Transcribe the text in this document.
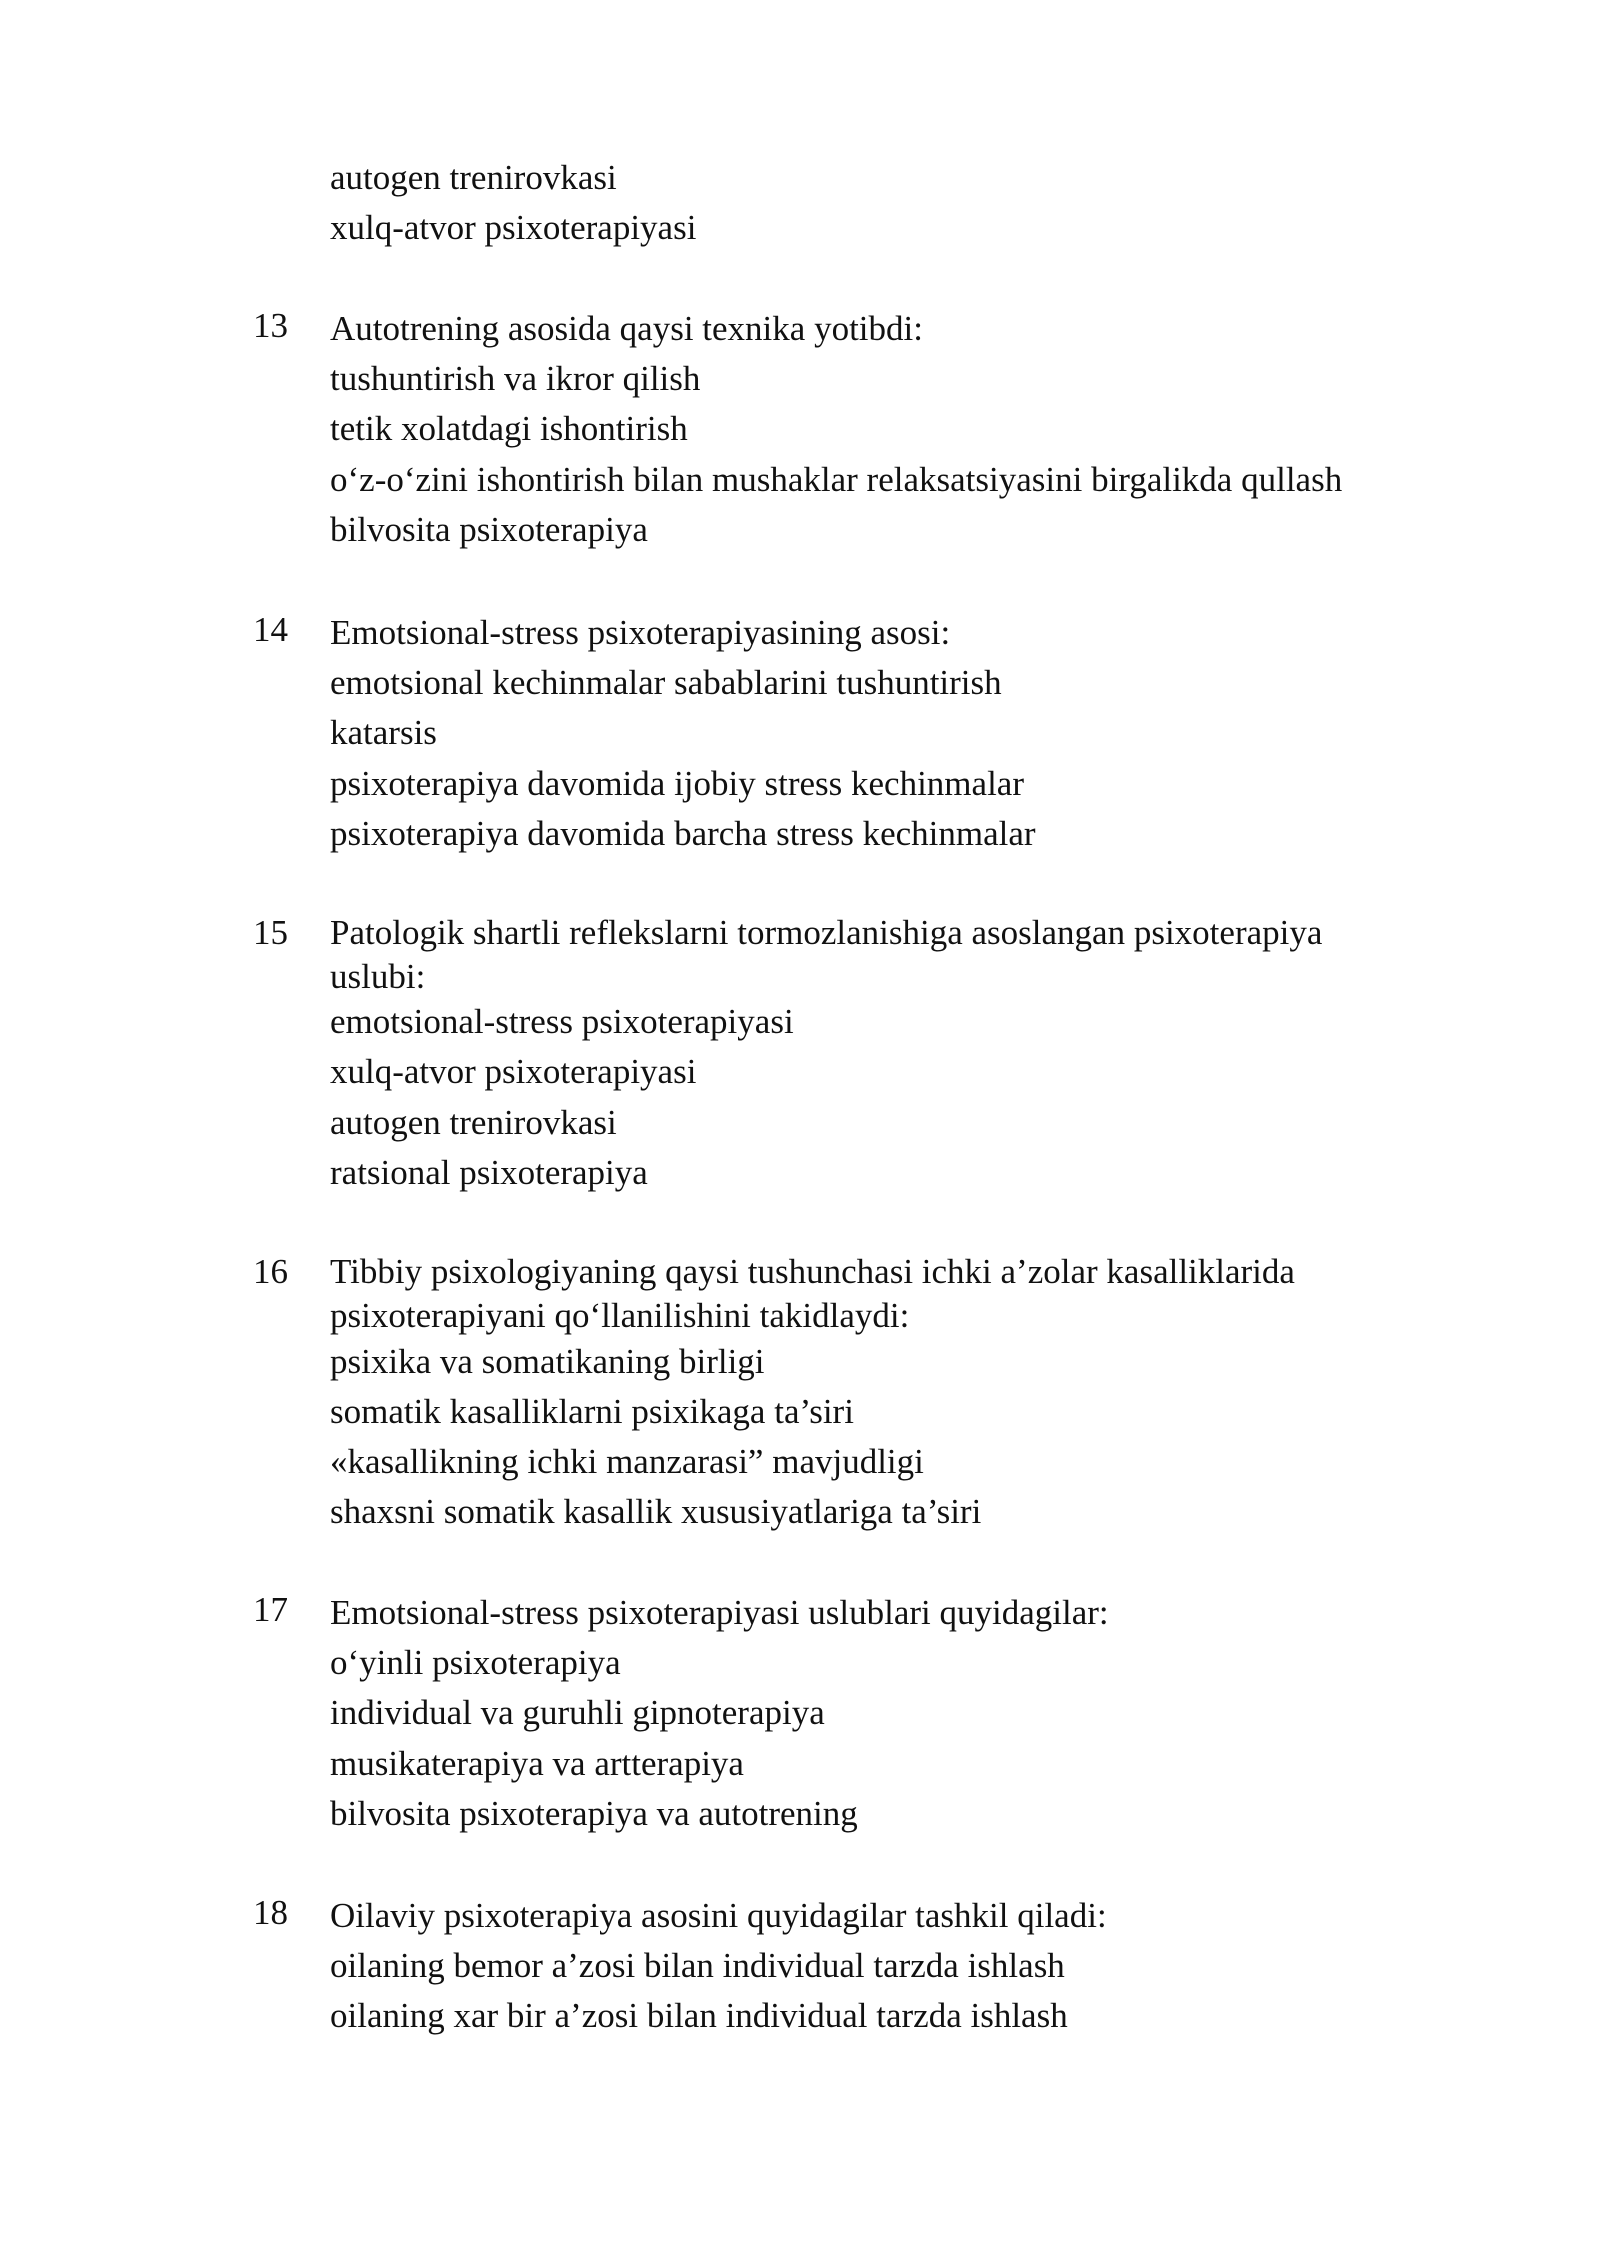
autogen trenirovkasi
xulq-atvor psixoterapiyasi
13 Autotrening asosida qaysi texnika yotibdi:
tushuntirish va ikror qilish
tetik xolatdagi ishontirish
o‘z-o‘zini ishontirish bilan mushaklar relaksatsiyasini birgalikda qullash
bilvosita psixoterapiya
14 Emotsional-stress psixoterapiyasining asosi:
emotsional kechinmalar sabablarini tushuntirish
katarsis
psixoterapiya davomida ijobiy stress kechinmalar
psixoterapiya davomida barcha stress kechinmalar
15 Patologik shartli reflekslarni tormozlanishiga asoslangan psixoterapiya
uslubi:
emotsional-stress psixoterapiyasi
xulq-atvor psixoterapiyasi
autogen trenirovkasi
ratsional psixoterapiya
16 Tibbiy psixologiyaning qaysi tushunchasi ichki a’zolar kasalliklarida
psixoterapiyani qo‘llanilishini takidlaydi:
psixika va somatikaning birligi
somatik kasalliklarni psixikaga ta’siri
«kasallikning ichki manzarasi” mavjudligi
shaxsni somatik kasallik xususiyatlariga ta’siri
17 Emotsional-stress psixoterapiyasi uslublari quyidagilar:
o‘yinli psixoterapiya
individual va guruhli gipnoterapiya
musikaterapiya va artterapiya
bilvosita psixoterapiya va autotrening
18 Oilaviy psixoterapiya asosini quyidagilar tashkil qiladi:
oilaning bemor a’zosi bilan individual tarzda ishlash
oilaning xar bir a’zosi bilan individual tarzda ishlash
